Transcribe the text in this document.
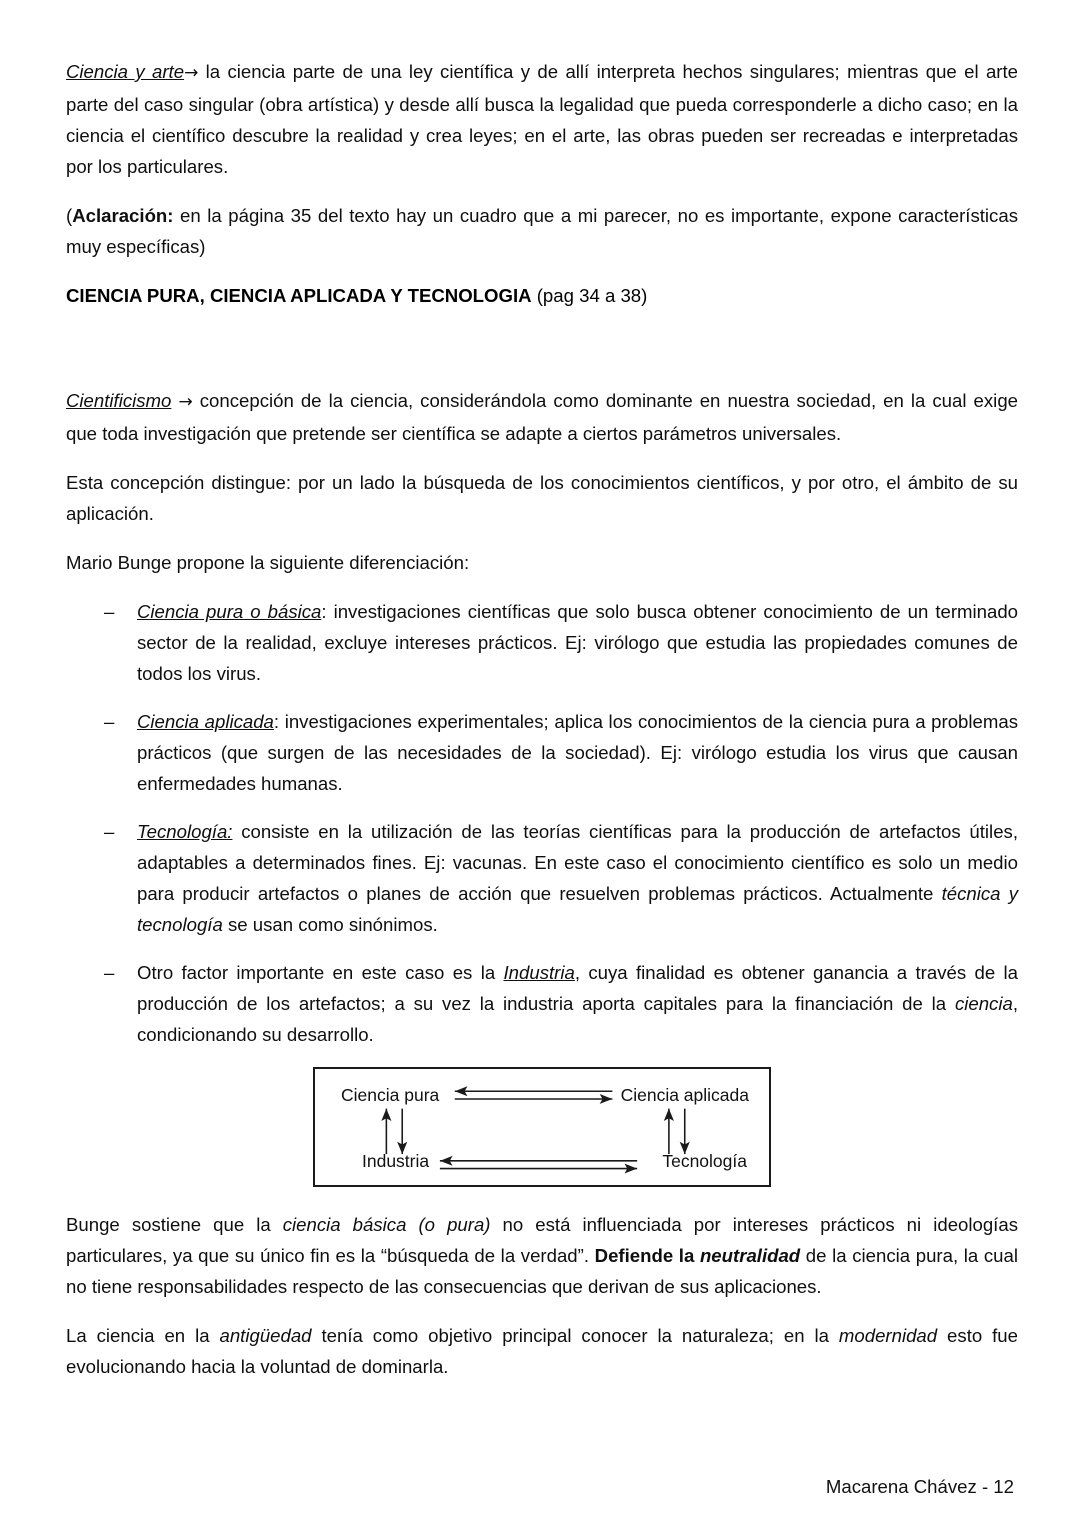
Ciencia y arte→ la ciencia parte de una ley científica y de allí interpreta hechos singulares; mientras que el arte parte del caso singular (obra artística) y desde allí busca la legalidad que pueda corresponderle a dicho caso; en la ciencia el científico descubre la realidad y crea leyes; en el arte, las obras pueden ser recreadas e interpretadas por los particulares.

(Aclaración: en la página 35 del texto hay un cuadro que a mi parecer, no es importante, expone características muy específicas)

CIENCIA PURA, CIENCIA APLICADA Y TECNOLOGIA (pag 34 a 38)

Cientificismo → concepción de la ciencia, considerándola como dominante en nuestra sociedad, en la cual exige que toda investigación que pretende ser científica se adapte a ciertos parámetros universales.

Esta concepción distingue: por un lado la búsqueda de los conocimientos científicos, y por otro, el ámbito de su aplicación.

Mario Bunge propone la siguiente diferenciación:

– Ciencia pura o básica: investigaciones científicas que solo busca obtener conocimiento de un terminado sector de la realidad, excluye intereses prácticos. Ej: virólogo que estudia las propiedades comunes de todos los virus.
– Ciencia aplicada: investigaciones experimentales; aplica los conocimientos de la ciencia pura a problemas prácticos (que surgen de las necesidades de la sociedad). Ej: virólogo estudia los virus que causan enfermedades humanas.
– Tecnología: consiste en la utilización de las teorías científicas para la producción de artefactos útiles, adaptables a determinados fines. Ej: vacunas. En este caso el conocimiento científico es solo un medio para producir artefactos o planes de acción que resuelven problemas prácticos. Actualmente técnica y tecnología se usan como sinónimos.
– Otro factor importante en este caso es la Industria, cuya finalidad es obtener ganancia a través de la producción de los artefactos; a su vez la industria aporta capitales para la financiación de la ciencia, condicionando su desarrollo.
Ciencia pura	Ciencia aplicada
Industria	Tecnología

Bunge sostiene que la ciencia básica (o pura) no está influenciada por intereses prácticos ni ideologías particulares, ya que su único fin es la “búsqueda de la verdad”. Defiende la neutralidad de la ciencia pura, la cual no tiene responsabilidades respecto de las consecuencias que derivan de sus aplicaciones.

La ciencia en la antigüedad tenía como objetivo principal conocer la naturaleza; en la modernidad esto fue evolucionando hacia la voluntad de dominarla.

Macarena Chávez - 12
